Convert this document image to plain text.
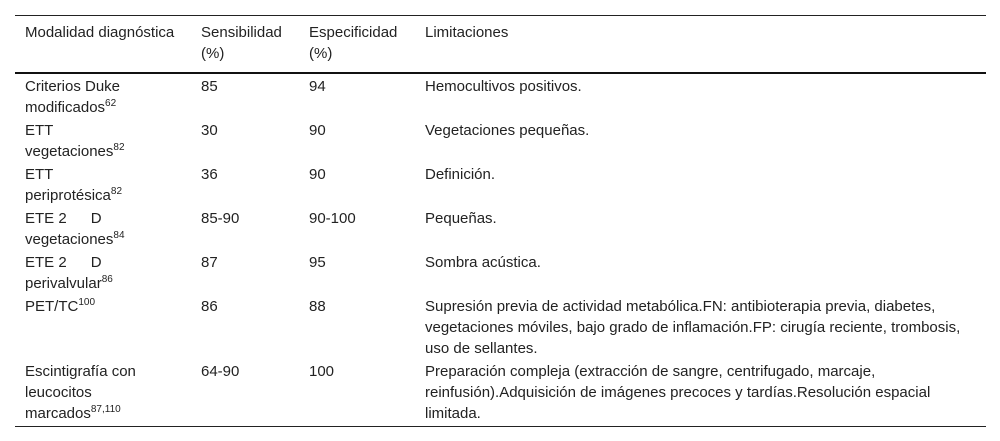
Modalidad diagnóstica	Sensibilidad (%)	Especificidad (%)	Limitaciones
Criterios Duke
modificados$^{62}$	85	94	Hemocultivos positivos.
ETT
vegetaciones$^{82}$	30	90	Vegetaciones pequeñas.
ETT
periprotésica$^{82}$	36	90	Definición.
ETE 2 D
vegetaciones$^{84}$	85-90	90-100	Pequeñas.
ETE 2 D
perivalvular$^{86}$	87	95	Sombra acústica.
PET/TC$^{100}$	86	88	Supresión previa de actividad metabólica.FN: antibioterapia previa, diabetes, vegetaciones móviles, bajo grado de inflamación.FP: cirugía reciente, trombosis, uso de sellantes.
Escintigrafía con leucocitos
marcados$^{87,110}$	64-90	100	Preparación compleja (extracción de sangre, centrifugado, marcaje, reinfusión).Adquisición de imágenes precoces y tardías.Resolución espacial limitada.
